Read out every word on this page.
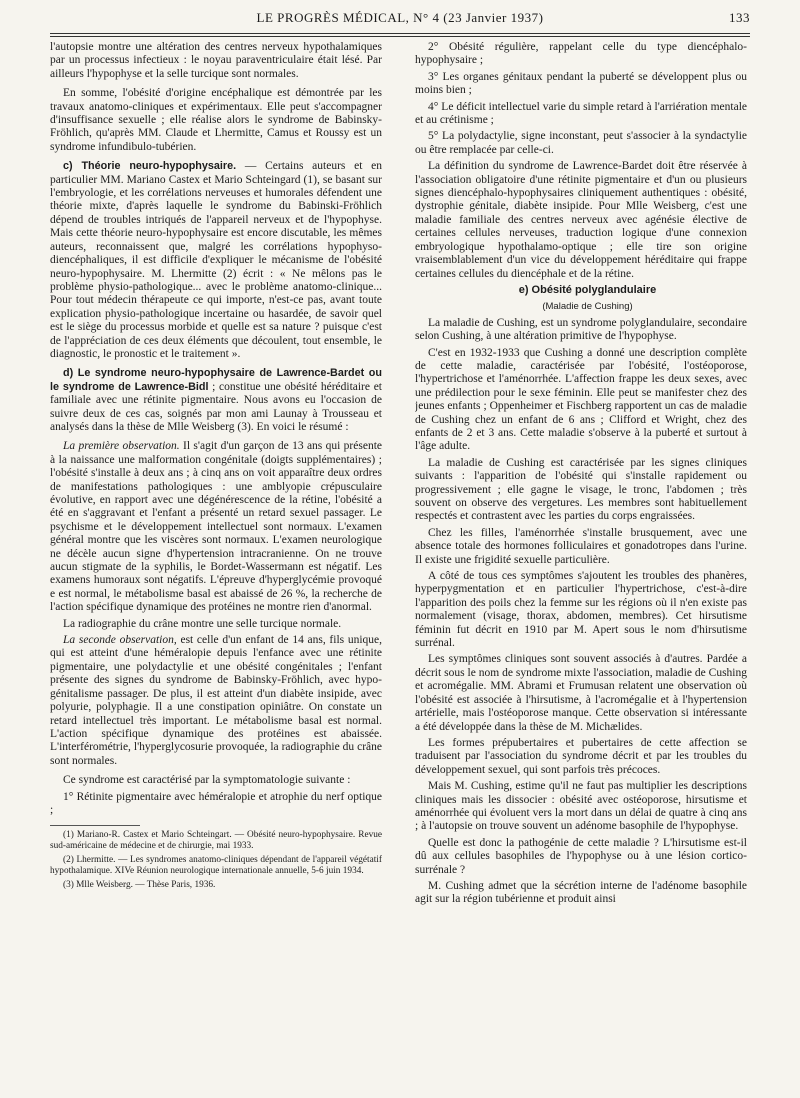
LE PROGRÈS MÉDICAL, N° 4 (23 Janvier 1937)	133

l'autopsie montre une altération des centres nerveux hypothalamiques par un processus infectieux : le noyau paraventriculaire était lésé. Par ailleurs l'hypophyse et la selle turcique sont normales.

En somme, l'obésité d'origine encéphalique est démontrée par les travaux anatomo-cliniques et expérimentaux. Elle peut s'accompagner d'insuffisance sexuelle ; elle réalise alors le syndrome de Babinsky-Fröhlich, qu'après MM. Claude et Lhermitte, Camus et Roussy est un syndrome infundibulo-tubérien.

c) Théorie neuro-hypophysaire. — Certains auteurs et en particulier MM. Mariano Castex et Mario Schteingard (1), se basant sur l'embryologie, et les corrélations nerveuses et humorales défendent une théorie mixte, d'après laquelle le syndrome du Babinski-Fröhlich dépend de troubles intriqués de l'appareil nerveux et de l'hypophyse. Mais cette théorie neuro-hypophysaire est encore discutable, les mêmes auteurs, reconnaissent que, malgré les corrélations hypophyso-diencéphaliques, il est difficile d'expliquer le mécanisme de l'obésité neuro-hypophysaire. M. Lhermitte (2) écrit : « Ne mêlons pas le problème physio-pathologique... avec le problème anatomo-clinique... Pour tout médecin thérapeute ce qui importe, n'est-ce pas, avant toute explication physio-pathologique incertaine ou hasardée, de savoir quel est le siège du processus morbide et quelle est sa nature ? puisque c'est de l'appréciation de ces deux éléments que découlent, tout ensemble, le diagnostic, le pronostic et le traitement ».

d) Le syndrome neuro-hypophysaire de Lawrence-Bardet ou le syndrome de Lawrence-Bidl ; constitue une obésité héréditaire et familiale avec une rétinite pigmentaire. Nous avons eu l'occasion de suivre deux de ces cas, soignés par mon ami Launay à Trousseau et analysés dans la thèse de Mlle Weisberg (3). En voici le résumé :

La première observation. Il s'agit d'un garçon de 13 ans qui présente à la naissance une malformation congénitale (doigts supplémentaires) ; l'obésité s'installe à deux ans ; à cinq ans on voit apparaître deux ordres de manifestations pathologiques : une amblyopie crépusculaire évolutive, en rapport avec une dégénérescence de la rétine, l'obésité a été en s'aggravant et l'enfant a présenté un retard sexuel passager. Le psychisme et le développement intellectuel sont normaux. L'examen général montre que les viscères sont normaux. L'examen neurologique ne décèle aucun signe d'hypertension intracranienne. On ne trouve aucun stigmate de la syphilis, le Bordet-Wassermann est négatif. Les examens humoraux sont négatifs. L'épreuve d'hyperglycémie provoqué e est normal, le métabolisme basal est abaissé de 26 %, la recherche de l'action spécifique dynamique des protéines ne montre rien d'anormal.

La radiographie du crâne montre une selle turcique normale.

La seconde observation, est celle d'un enfant de 14 ans, fils unique, qui est atteint d'une héméralopie depuis l'enfance avec une rétinite pigmentaire, une polydactylie et une obésité congénitales ; l'enfant présente des signes du syndrome de Babinsky-Fröhlich, avec hypo-génitalisme passager. De plus, il est atteint d'un diabète insipide, avec polyurie, polyphagie. Il a une constipation opiniâtre. On constate un retard intellectuel très important. Le métabolisme basal est normal. L'action spécifique dynamique des protéines est abaissée. L'interférométrie, l'hyperglycosurie provoquée, la radiographie du crâne sont normales.

Ce syndrome est caractérisé par la symptomatologie suivante :

1° Rétinite pigmentaire avec héméralopie et atrophie du nerf optique ;

(1) Mariano-R. Castex et Mario Schteingart. — Obésité neuro-hypophysaire. Revue sud-américaine de médecine et de chirurgie, mai 1933.

(2) Lhermitte. — Les syndromes anatomo-cliniques dépendant de l'appareil végétatif hypothalamique. XIVe Réunion neurologique internationale annuelle, 5-6 juin 1934.

(3) Mlle Weisberg. — Thèse Paris, 1936.

2° Obésité régulière, rappelant celle du type diencéphalo-hypophysaire ;

3° Les organes génitaux pendant la puberté se développent plus ou moins bien ;

4° Le déficit intellectuel varie du simple retard à l'arriération mentale et au crétinisme ;

5° La polydactylie, signe inconstant, peut s'associer à la syndactylie ou être remplacée par celle-ci.

La définition du syndrome de Lawrence-Bardet doit être réservée à l'association obligatoire d'une rétinite pigmentaire et d'un ou plusieurs signes diencéphalo-hypophysaires cliniquement authentiques : obésité, dystrophie génitale, diabète insipide. Pour Mlle Weisberg, c'est une maladie familiale des centres nerveux avec agénésie élective de certaines cellules nerveuses, traduction logique d'une connexion embryologique hypothalamo-optique ; elle tire son origine vraisemblablement d'un vice du développement héréditaire qui frappe certaines cellules du diencéphale et de la rétine.

e) Obésité polyglandulaire

(Maladie de Cushing)

La maladie de Cushing, est un syndrome polyglandulaire, secondaire selon Cushing, à une altération primitive de l'hypophyse.

C'est en 1932-1933 que Cushing a donné une description complète de cette maladie, caractérisée par l'obésité, l'ostéoporose, l'hypertrichose et l'aménorrhée. L'affection frappe les deux sexes, avec une prédilection pour le sexe féminin. Elle peut se manifester chez des jeunes enfants ; Oppenheimer et Fischberg rapportent un cas de maladie de Cushing chez un enfant de 6 ans ; Clifford et Wright, chez des enfants de 2 et 3 ans. Cette maladie s'observe à la puberté et surtout à l'âge adulte.

La maladie de Cushing est caractérisée par les signes cliniques suivants : l'apparition de l'obésité qui s'installe rapidement ou progressivement ; elle gagne le visage, le tronc, l'abdomen ; très souvent on observe des vergetures. Les membres sont habituellement respectés et contrastent avec les parties du corps engraissées.

Chez les filles, l'aménorrhée s'installe brusquement, avec une absence totale des hormones folliculaires et gonadotropes dans l'urine. Il existe une frigidité sexuelle particulière.

A côté de tous ces symptômes s'ajoutent les troubles des phanères, hyperpygmentation et en particulier l'hypertrichose, c'est-à-dire l'apparition des poils chez la femme sur les régions où il n'en existe pas normalement (visage, thorax, abdomen, membres). Cet hirsutisme féminin fut décrit en 1910 par M. Apert sous le nom d'hirsutisme surrénal.

Les symptômes cliniques sont souvent associés à d'autres. Pardée a décrit sous le nom de syndrome mixte l'association, maladie de Cushing et acromégalie. MM. Abrami et Frumusan relatent une observation où l'obésité est associée à l'hirsutisme, à l'acromégalie et à l'hypertension artérielle, mais l'ostéoporose manque. Cette observation si intéressante a été développée dans la thèse de M. Michælides.

Les formes prépubertaires et pubertaires de cette affection se traduisent par l'association du syndrome décrit et par les troubles du développement sexuel, qui sont parfois très précoces.

Mais M. Cushing, estime qu'il ne faut pas multiplier les descriptions cliniques mais les dissocier : obésité avec ostéoporose, hirsutisme et aménorrhée qui évoluent vers la mort dans un délai de quatre à cinq ans ; à l'autopsie on trouve souvent un adénome basophile de l'hypophyse.

Quelle est donc la pathogénie de cette maladie ? L'hirsutisme est-il dû aux cellules basophiles de l'hypophyse ou à une lésion cortico-surrénale ?

M. Cushing admet que la sécrétion interne de l'adénome basophile agit sur la région tubérienne et produit ainsi
